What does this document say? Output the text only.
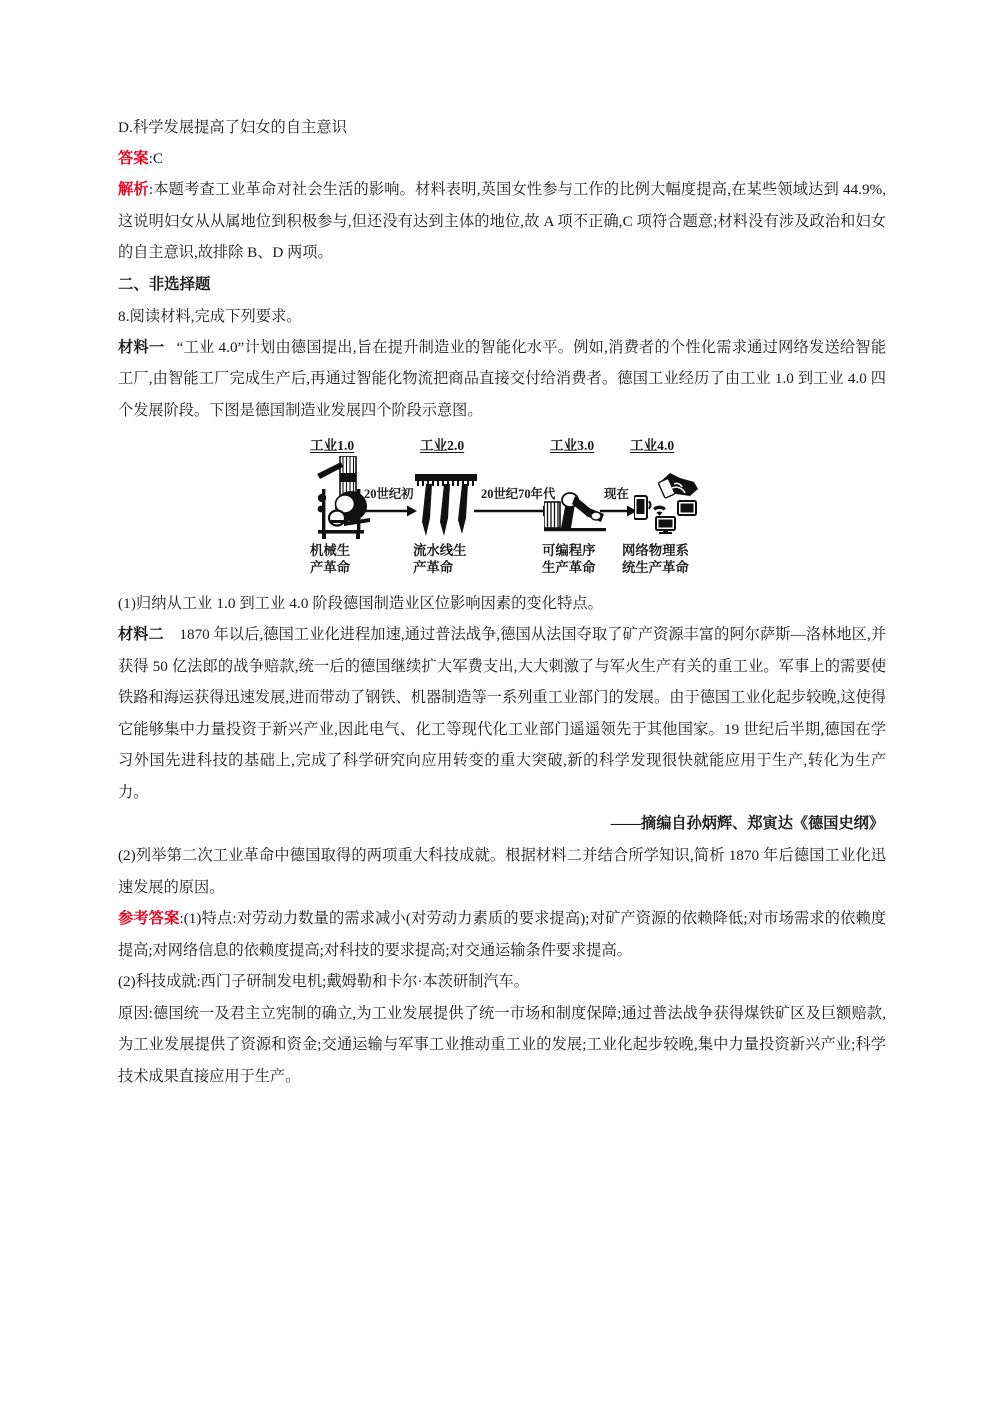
D.科学发展提高了妇女的自主意识
答案:C
解析:本题考查工业革命对社会生活的影响。材料表明,英国女性参与工作的比例大幅度提高,在某些领域达到 44.9%,这说明妇女从从属地位到积极参与,但还没有达到主体的地位,故 A 项不正确,C 项符合题意;材料没有涉及政治和妇女的自主意识,故排除 B、D 两项。
二、非选择题
8.阅读材料,完成下列要求。
材料一 “工业 4.0”计划由德国提出,旨在提升制造业的智能化水平。例如,消费者的个性化需求通过网络发送给智能工厂,由智能工厂完成生产后,再通过智能化物流把商品直接交付给消费者。德国工业经历了由工业 1.0 到工业 4.0 四个发展阶段。下图是德国制造业发展四个阶段示意图。
工业1.0	工业2.0	工业3.0	工业4.0
20世纪初	20世纪70年代	现在
机械生
产革命
流水线生
产革命
可编程序
生产革命
网络物理系
统生产革命
(1)归纳从工业 1.0 到工业 4.0 阶段德国制造业区位影响因素的变化特点。
材料二 1870 年以后,德国工业化进程加速,通过普法战争,德国从法国夺取了矿产资源丰富的阿尔萨斯—洛林地区,并获得 50 亿法郎的战争赔款,统一后的德国继续扩大军费支出,大大刺激了与军火生产有关的重工业。军事上的需要使铁路和海运获得迅速发展,进而带动了钢铁、机器制造等一系列重工业部门的发展。由于德国工业化起步较晚,这使得它能够集中力量投资于新兴产业,因此电气、化工等现代化工业部门遥遥领先于其他国家。19 世纪后半期,德国在学习外国先进科技的基础上,完成了科学研究向应用转变的重大突破,新的科学发现很快就能应用于生产,转化为生产力。
——摘编自孙炳辉、郑寅达《德国史纲》
(2)列举第二次工业革命中德国取得的两项重大科技成就。根据材料二并结合所学知识,简析 1870 年后德国工业化迅速发展的原因。
参考答案:(1)特点:对劳动力数量的需求减小(对劳动力素质的要求提高);对矿产资源的依赖降低;对市场需求的依赖度提高;对网络信息的依赖度提高;对科技的要求提高;对交通运输条件要求提高。
(2)科技成就:西门子研制发电机;戴姆勒和卡尔·本茨研制汽车。
原因:德国统一及君主立宪制的确立,为工业发展提供了统一市场和制度保障;通过普法战争获得煤铁矿区及巨额赔款,为工业发展提供了资源和资金;交通运输与军事工业推动重工业的发展;工业化起步较晚,集中力量投资新兴产业;科学技术成果直接应用于生产。
